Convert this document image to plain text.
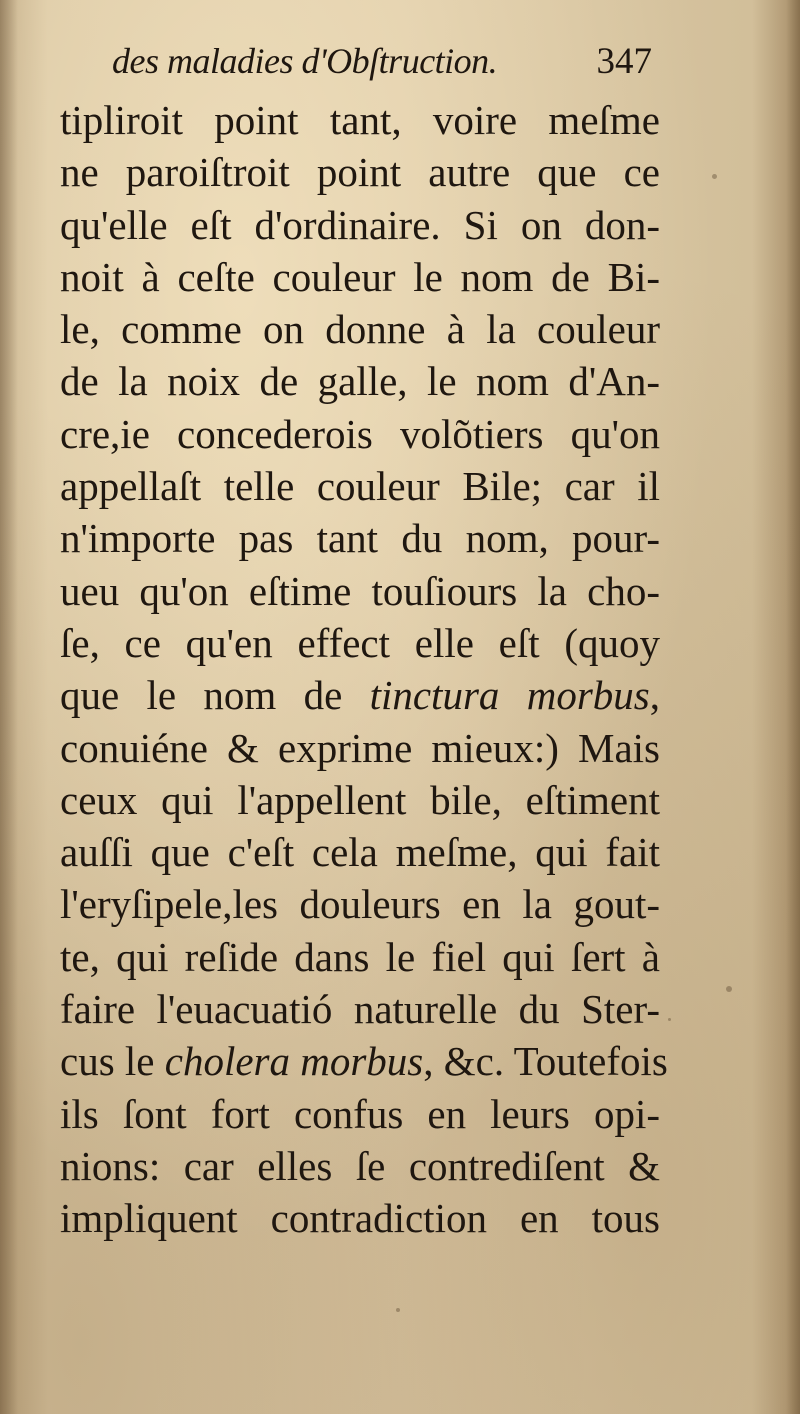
des maladies d'Obſtruction.	347
tipliroit point tant, voire meſme
ne paroiſtroit point autre que ce
qu'elle eſt d'ordinaire. Si on don-
noit à ceſte couleur le nom de Bi-
le, comme on donne à la couleur
de la noix de galle, le nom d'An-
cre,ie concederois volõtiers qu'on
appellaſt telle couleur Bile; car il
n'importe pas tant du nom, pour-
ueu qu'on eſtime touſiours la cho-
ſe, ce qu'en effect elle eſt (quoy
que le nom de tinctura morbus,
conuiéne & exprime mieux:) Mais
ceux qui l'appellent bile, eſtiment
auſſi que c'eſt cela meſme, qui fait
l'eryſipele,les douleurs en la gout-
te, qui reſide dans le fiel qui ſert à
faire l'euacuatió naturelle du Ster-
cus le cholera morbus, &c. Toutefois
ils ſont fort confus en leurs opi-
nions: car elles ſe contrediſent &
impliquent contradiction en tous
